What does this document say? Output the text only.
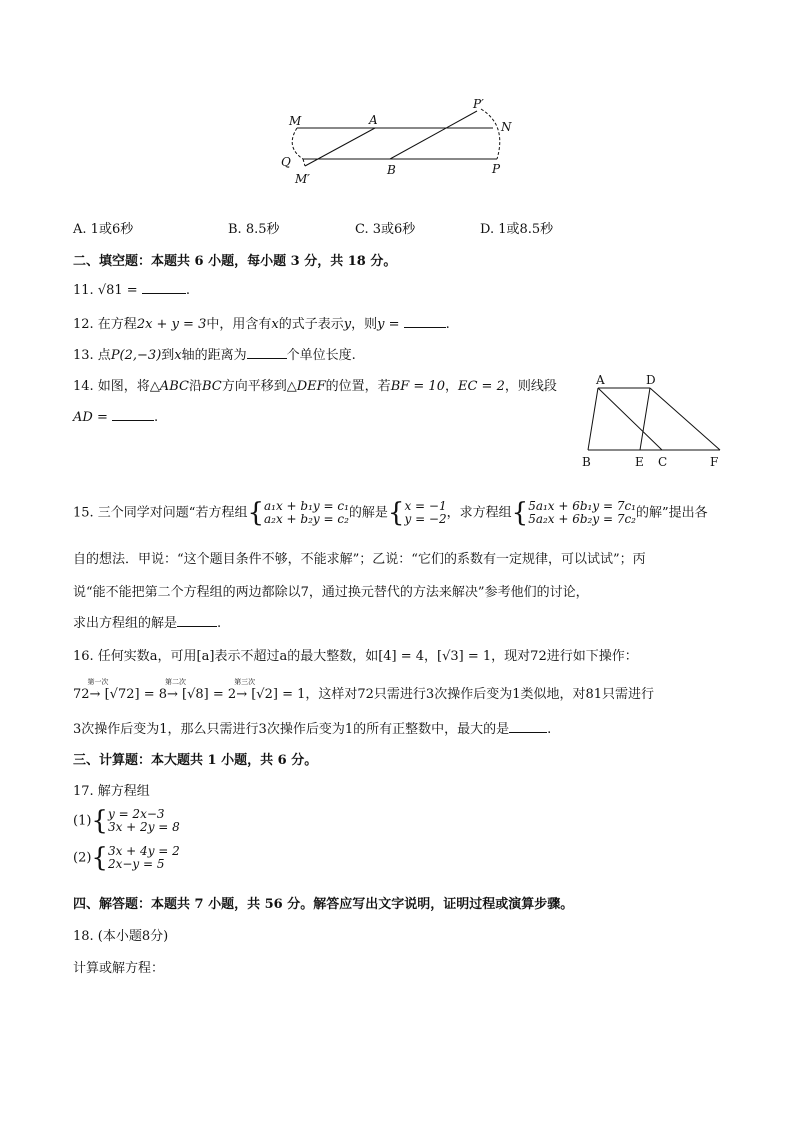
M	A
P′
N
Q
B	P
M′
A. 1或6秒	B. 8.5秒	C. 3或6秒	D. 1或8.5秒
二、填空题：本题共 6 小题，每小题 3 分，共 18 分。
11. √81 =	.
12. 在方程2x + y = 3中，用含有x的式子表示y，则y =	.
13. 点P(2,−3)到x轴的距离为	个单位长度.
14. 如图，将△ABC沿BC方向平移到△DEF的位置，若BF = 10，EC = 2，则线段
AD =	.
A	D
B	E C	F
15. 三个同学对问题“若方程组{ a₁x + b₁y = c₁
a₂x + b₂y = c₂ 的解是{ x = −1
y = −2 ，求方程组{ 5a₁x + 6b₁y = 7c₁
5a₂x + 6b₂y = 7c₂ 的解”提出各
自的想法．甲说：“这个题目条件不够，不能求解”；乙说：“它们的系数有一定规律，可以试试”；丙
说“能不能把第二个方程组的两边都除以7，通过换元替代的方法来解决”参考他们的讨论，
求出方程组的解是	.
16. 任何实数a，可用[a]表示不超过a的最大整数，如[4] = 4，[√3] = 1，现对72进行如下操作：
72
第一次
→ [√72] = 8
第二次
→ [√8] = 2
第三次
→ [√2] = 1，这样对72只需进行3次操作后变为1类似地，对81只需进行
3次操作后变为1，那么只需进行3次操作后变为1的所有正整数中，最大的是	.
三、计算题：本大题共 1 小题，共 6 分。
17. 解方程组
(1){ y = 2x−3
3x + 2y = 8
(2){ 3x + 4y = 2
2x−y = 5
四、解答题：本题共 7 小题，共 56 分。解答应写出文字说明，证明过程或演算步骤。
18. (本小题8分)
计算或解方程：
